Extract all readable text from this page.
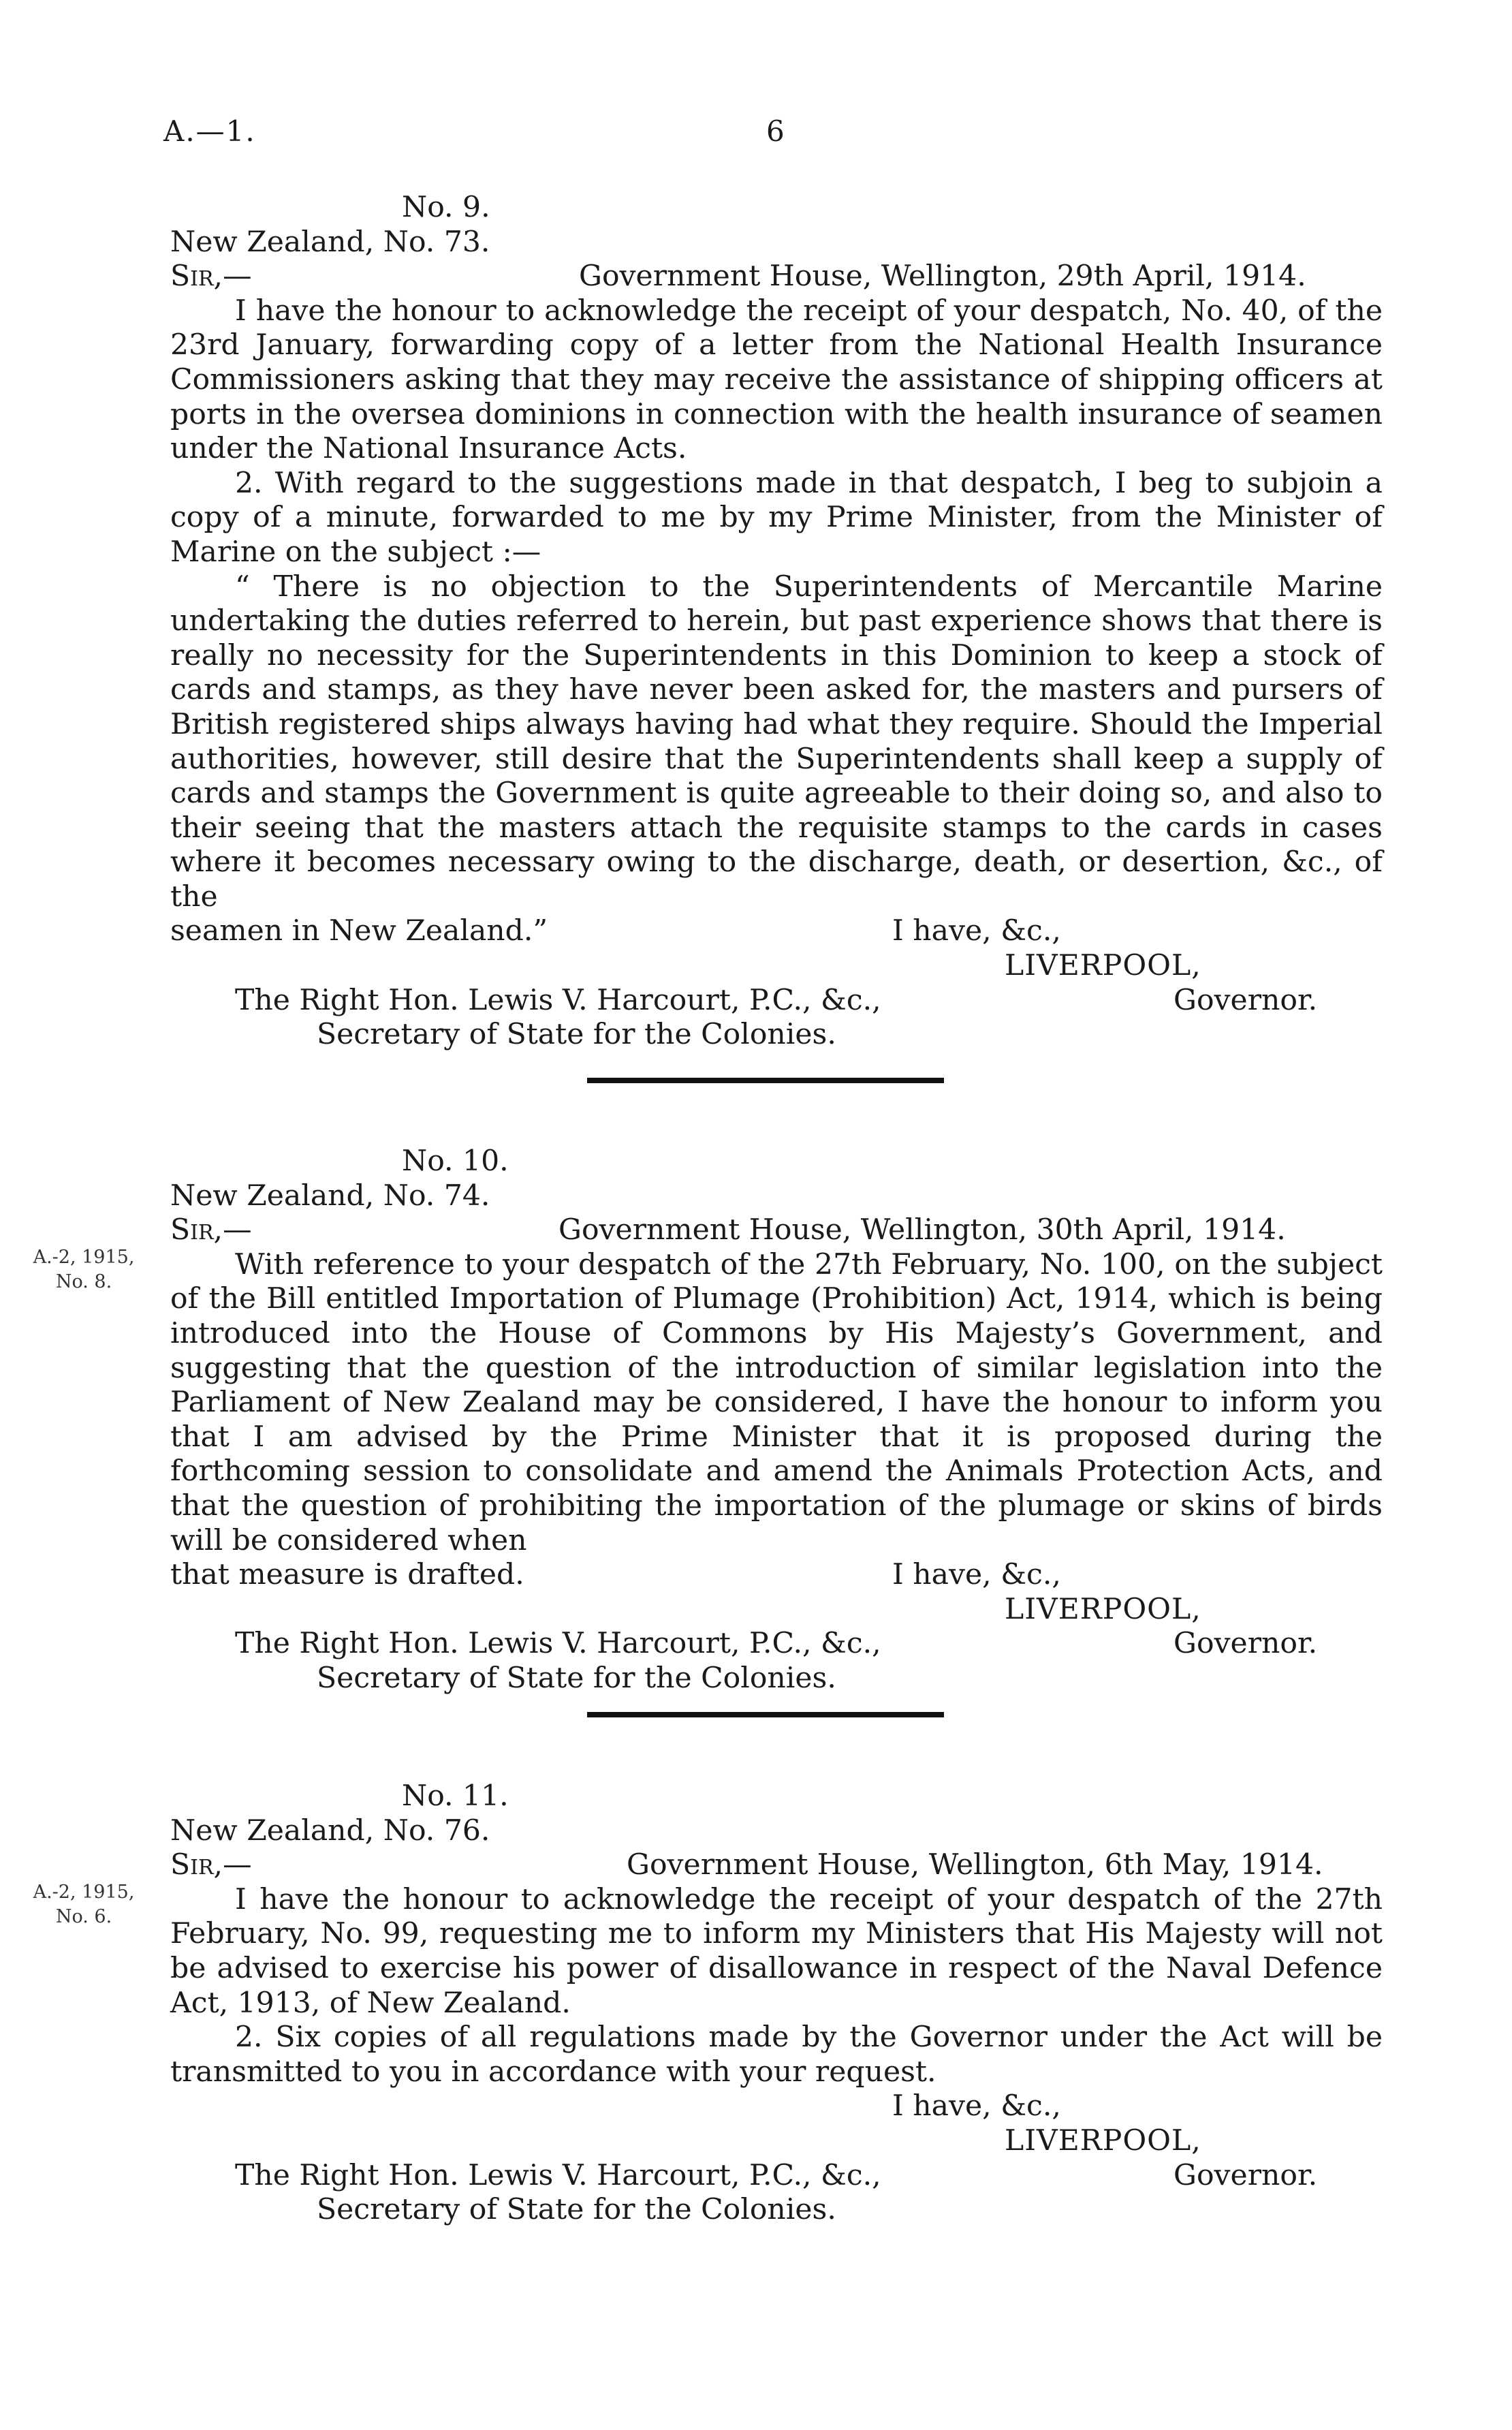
A.—1.	6

No. 9.

New Zealand, No. 73.

Sir,—	Government House, Wellington, 29th April, 1914.

I have the honour to acknowledge the receipt of your despatch, No. 40, of the 23rd January, forwarding copy of a letter from the National Health Insurance Commissioners asking that they may receive the assistance of shipping officers at ports in the oversea dominions in connection with the health insurance of seamen under the National Insurance Acts.

2. With regard to the suggestions made in that despatch, I beg to subjoin a copy of a minute, forwarded to me by my Prime Minister, from the Minister of Marine on the subject :—

“ There is no objection to the Superintendents of Mercantile Marine undertaking the duties referred to herein, but past experience shows that there is really no necessity for the Superintendents in this Dominion to keep a stock of cards and stamps, as they have never been asked for, the masters and pursers of British registered ships always having had what they require. Should the Imperial authorities, however, still desire that the Superintendents shall keep a supply of cards and stamps the Government is quite agreeable to their doing so, and also to their seeing that the masters attach the requisite stamps to the cards in cases where it becomes necessary owing to the discharge, death, or desertion, &c., of the

seamen in New Zealand.”	I have, &c.,

LIVERPOOL,

The Right Hon. Lewis V. Harcourt, P.C., &c.,	Governor.

Secretary of State for the Colonies.

A.-2, 1915,
No. 8.

No. 10.

New Zealand, No. 74.

Sir,—	Government House, Wellington, 30th April, 1914.

With reference to your despatch of the 27th February, No. 100, on the subject of the Bill entitled Importation of Plumage (Prohibition) Act, 1914, which is being introduced into the House of Commons by His Majesty’s Government, and suggesting that the question of the introduction of similar legislation into the Parliament of New Zealand may be considered, I have the honour to inform you that I am advised by the Prime Minister that it is proposed during the forthcoming session to consolidate and amend the Animals Protection Acts, and that the question of prohibiting the importation of the plumage or skins of birds will be considered when

that measure is drafted.	I have, &c.,

LIVERPOOL,

The Right Hon. Lewis V. Harcourt, P.C., &c.,	Governor.

Secretary of State for the Colonies.

A.-2, 1915,
No. 6.

No. 11.

New Zealand, No. 76.

Sir,—	Government House, Wellington, 6th May, 1914.

I have the honour to acknowledge the receipt of your despatch of the 27th February, No. 99, requesting me to inform my Ministers that His Majesty will not be advised to exercise his power of disallowance in respect of the Naval Defence Act, 1913, of New Zealand.

2. Six copies of all regulations made by the Governor under the Act will be transmitted to you in accordance with your request.

I have, &c.,

LIVERPOOL,

The Right Hon. Lewis V. Harcourt, P.C., &c.,	Governor.

Secretary of State for the Colonies.
